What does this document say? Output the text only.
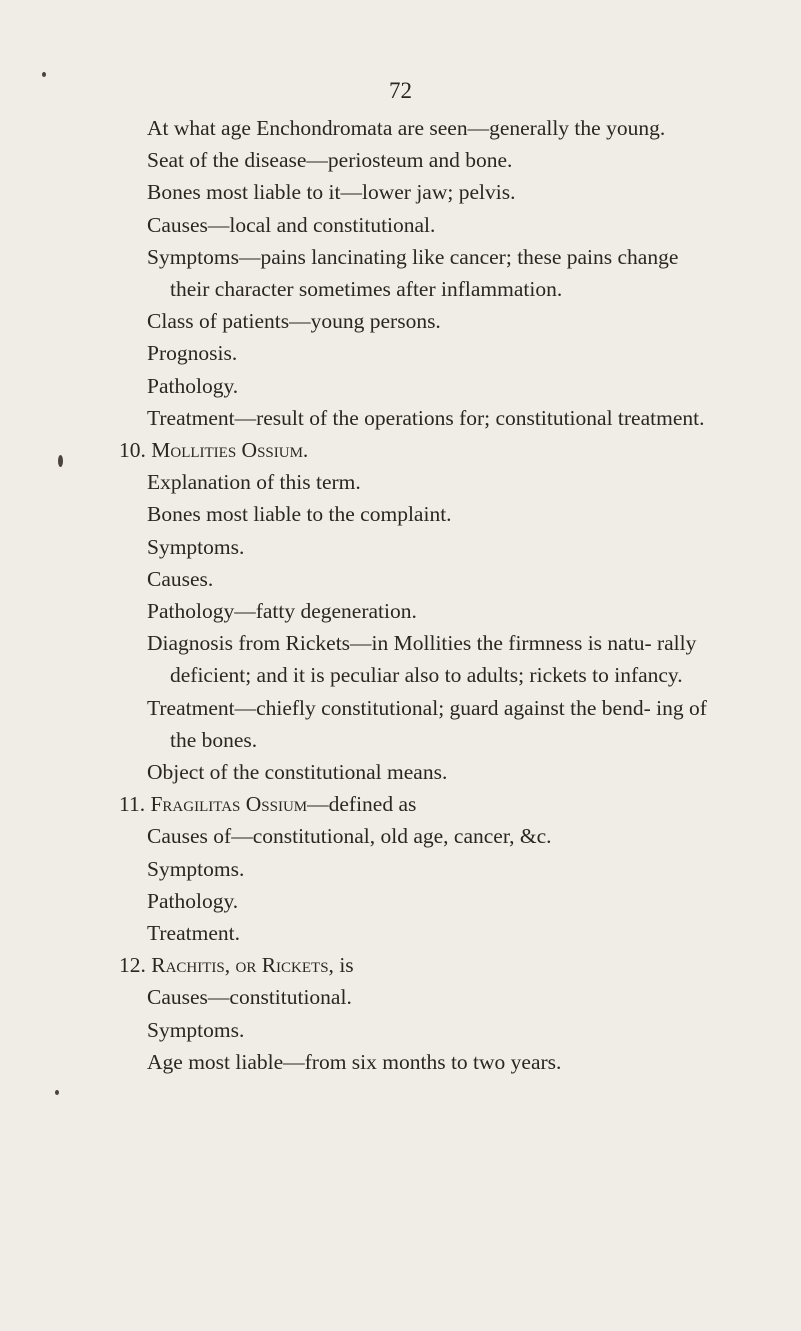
72
At what age Enchondromata are seen—generally the young.
Seat of the disease—periosteum and bone.
Bones most liable to it—lower jaw; pelvis.
Causes—local and constitutional.
Symptoms—pains lancinating like cancer; these pains change their character sometimes after inflammation.
Class of patients—young persons.
Prognosis.
Pathology.
Treatment—result of the operations for; constitutional treatment.
10. Mollities Ossium.
Explanation of this term.
Bones most liable to the complaint.
Symptoms.
Causes.
Pathology—fatty degeneration.
Diagnosis from Rickets—in Mollities the firmness is natu- rally deficient; and it is peculiar also to adults; rickets to infancy.
Treatment—chiefly constitutional; guard against the bend- ing of the bones.
Object of the constitutional means.
11. Fragilitas Ossium—defined as
Causes of—constitutional, old age, cancer, &c.
Symptoms.
Pathology.
Treatment.
12. Rachitis, or Rickets, is
Causes—constitutional.
Symptoms.
Age most liable—from six months to two years.
